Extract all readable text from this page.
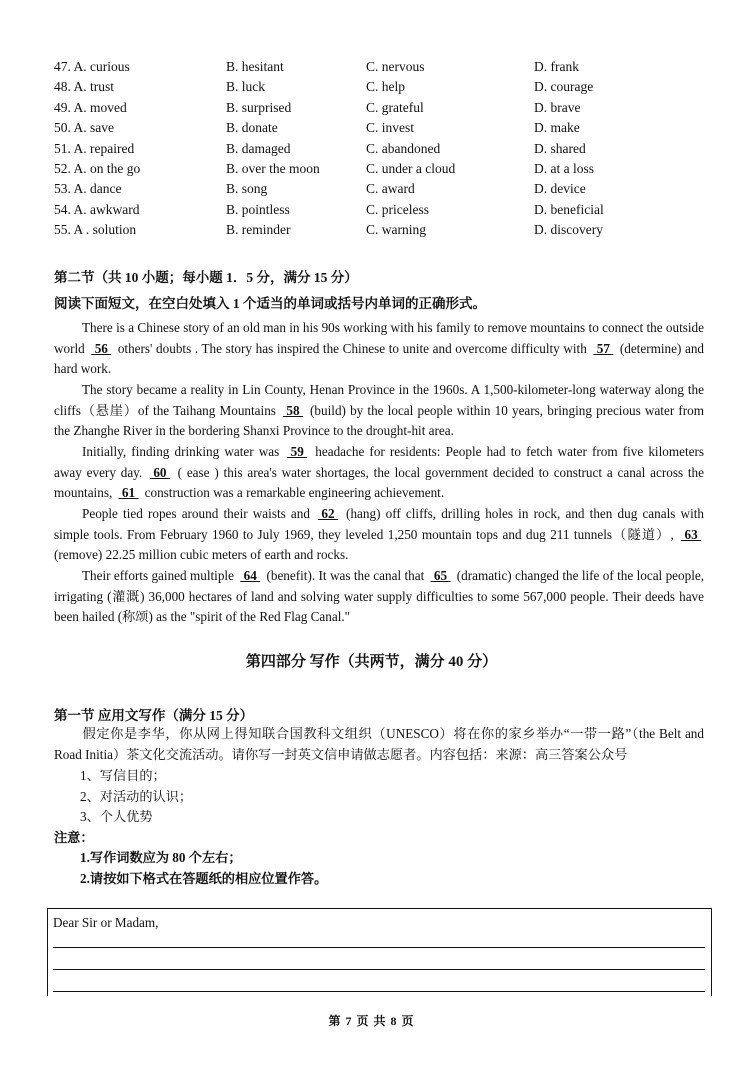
47. A. curious	B. hesitant	C. nervous	D. frank
48. A. trust	B. luck	C. help	D. courage
49. A. moved	B. surprised	C. grateful	D. brave
50. A. save	B. donate	C. invest	D. make
51. A. repaired	B. damaged	C. abandoned	D. shared
52. A. on the go	B. over the moon	C. under a cloud	D. at a loss
53. A. dance	B. song	C. award	D. device
54. A. awkward	B. pointless	C. priceless	D. beneficial
55. A . solution	B. reminder	C. warning	D. discovery
第二节（共 10 小题；每小题 1．5 分，满分 15 分）
阅读下面短文，在空白处填入 1 个适当的单词或括号内单词的正确形式。
There is a Chinese story of an old man in his 90s working with his family to remove mountains to connect the outside world 56 others' doubts . The story has inspired the Chinese to unite and overcome difficulty with 57 (determine) and hard work.
The story became a reality in Lin County, Henan Province in the 1960s. A 1,500-kilometer-long waterway along the cliffs（悬崖）of the Taihang Mountains 58 (build) by the local people within 10 years, bringing precious water from the Zhanghe River in the bordering Shanxi Province to the drought-hit area.
Initially, finding drinking water was 59 headache for residents: People had to fetch water from five kilometers away every day. 60 ( ease ) this area's water shortages, the local government decided to construct a canal across the mountains, 61 construction was a remarkable engineering achievement.
People tied ropes around their waists and 62 (hang) off cliffs, drilling holes in rock, and then dug canals with simple tools. From February 1960 to July 1969, they leveled 1,250 mountain tops and dug 211 tunnels（隧道）, 63 (remove) 22.25 million cubic meters of earth and rocks.
Their efforts gained multiple 64 (benefit). It was the canal that 65 (dramatic) changed the life of the local people, irrigating (灌溉) 36,000 hectares of land and solving water supply difficulties to some 567,000 people. Their deeds have been hailed (称颂) as the "spirit of the Red Flag Canal."
第四部分 写作（共两节，满分 40 分）
第一节 应用文写作（满分 15 分）
假定你是李华，你从网上得知联合国教科文组织（UNESCO）将在你的家乡举办“一带一路”（the Belt and Road Initia）茶文化交流活动。请你写一封英文信申请做志愿者。内容包括：来源：高三答案公众号
1、写信目的；
2、对活动的认识；
3、个人优势
注意：
1.写作词数应为 80 个左右；
2.请按如下格式在答题纸的相应位置作答。
Dear Sir or Madam,
第 7 页 共 8 页
